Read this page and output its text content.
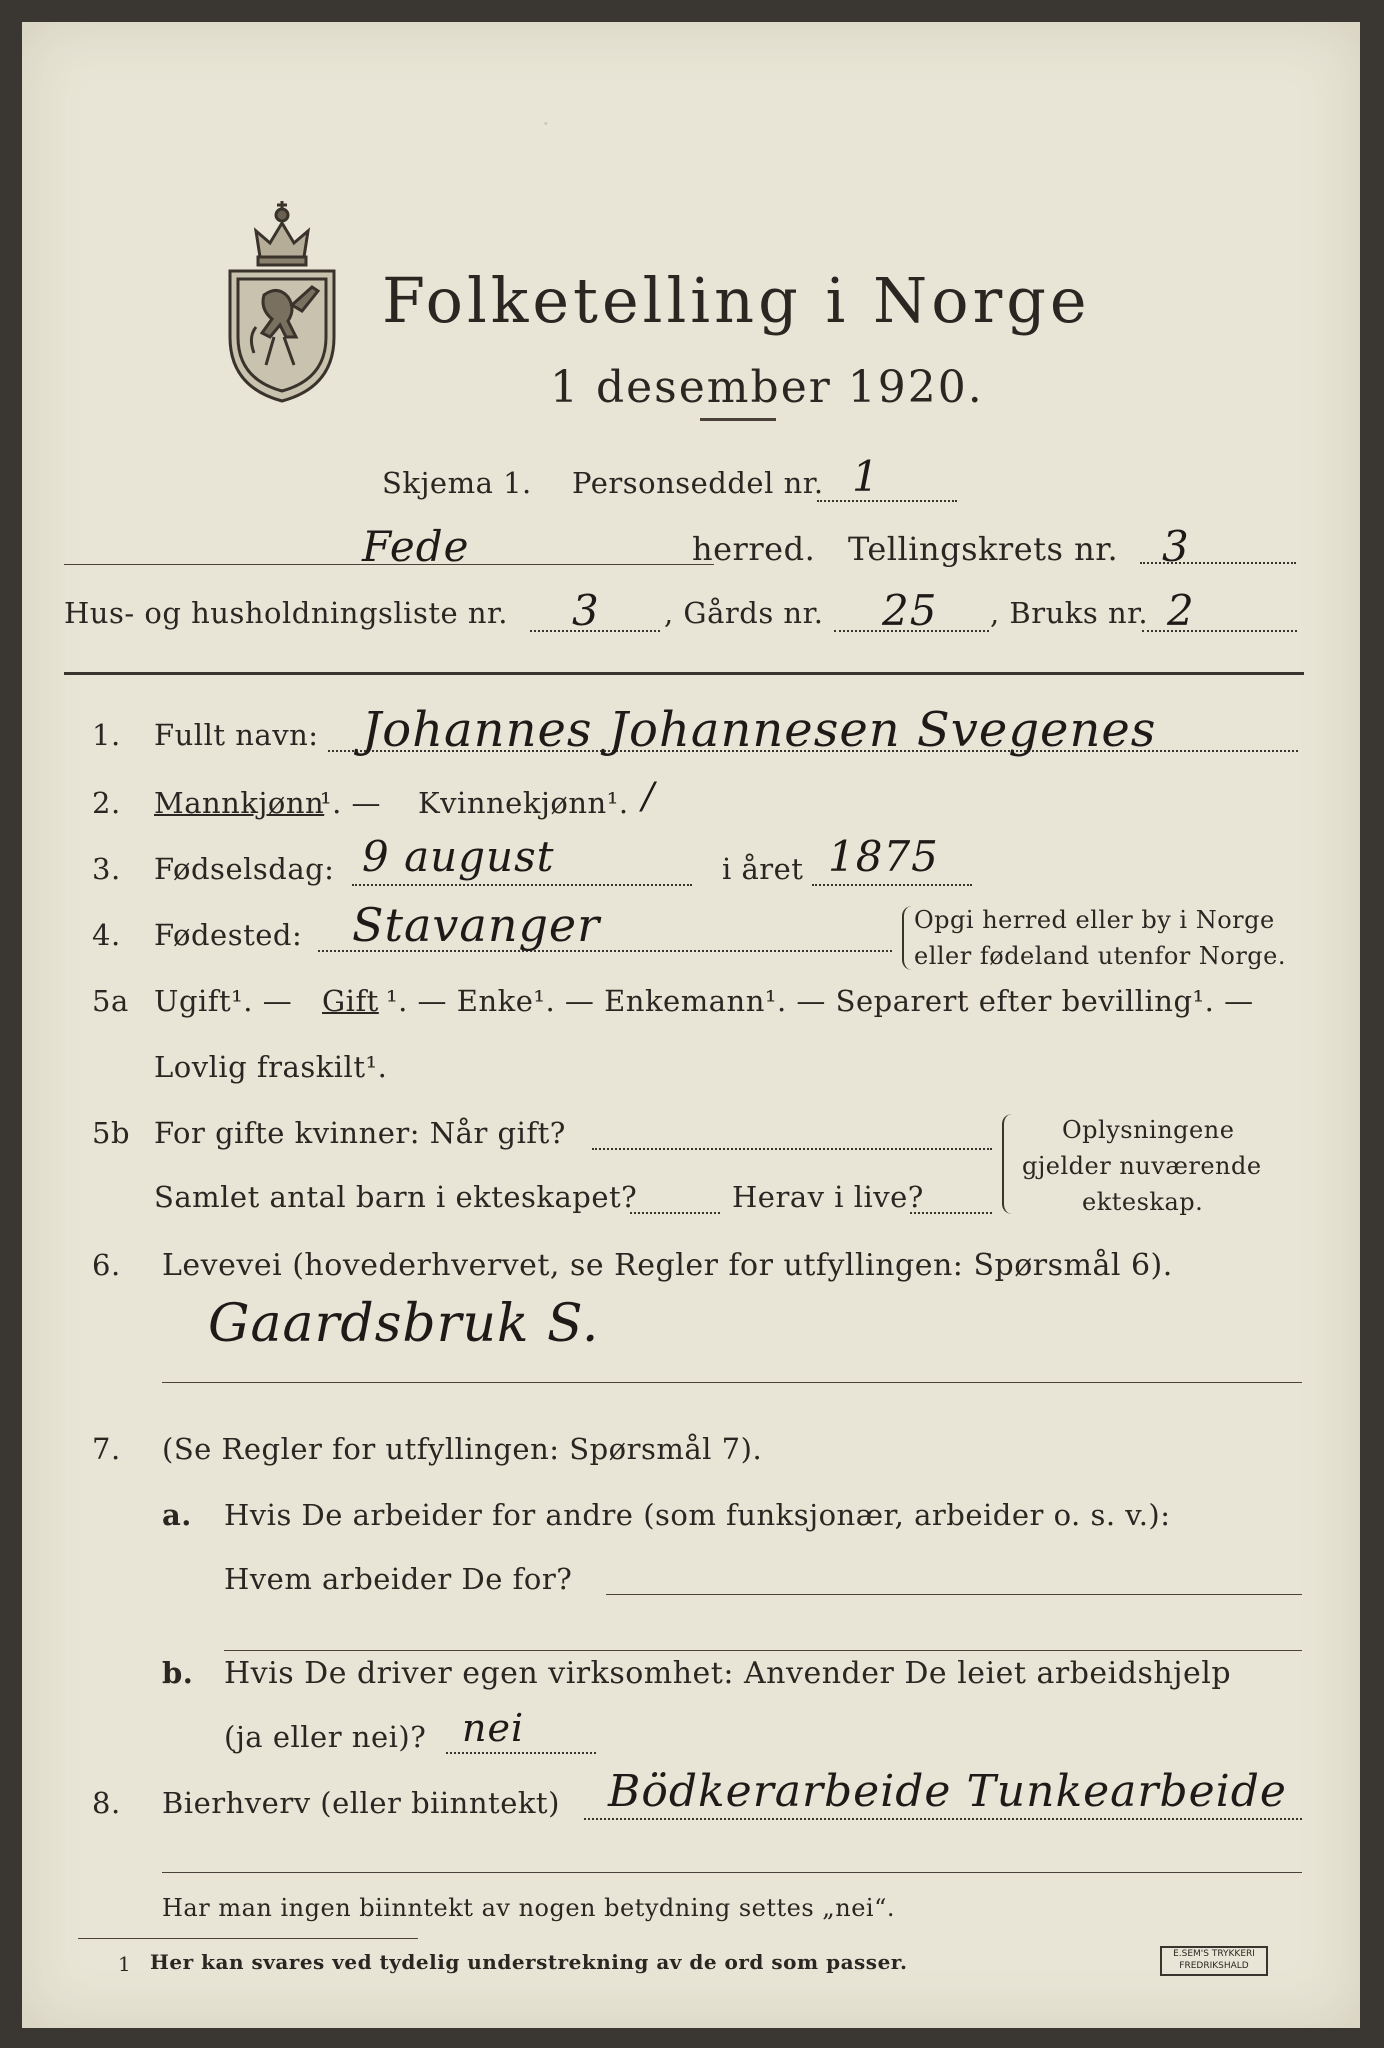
·
Folketelling i Norge
1 desember 1920.
Skjema 1. Personseddel nr. 1
Fede	herred. Tellingskrets nr. 3
Hus- og husholdningsliste nr. 3 , Gårds nr. 25 , Bruks nr. 2
1. Fullt navn: Johannes Johannesen Svegenes
2. Mannkjønn
¹. — Kvinnekjønn¹. /
3. Fødselsdag: 9 august	i året 1875
4. Fødested: Stavanger	Opgi herred eller by i Norge
eller fødeland utenfor Norge.
5a Ugift¹. — Gift ¹. — Enke¹. — Enkemann¹. — Separert efter bevilling¹. —
Lovlig fraskilt¹.
5b For gifte kvinner: Når gift?
Samlet antal barn i ekteskapet?	Herav i live?
Oplysningene
gjelder nuværende
ekteskap.
6. Levevei (hovederhvervet, se Regler for utfyllingen: Spørsmål 6).
Gaardsbruk S.
7. (Se Regler for utfyllingen: Spørsmål 7).
a. Hvis De arbeider for andre (som funksjonær, arbeider o. s. v.):
Hvem arbeider De for?
b. Hvis De driver egen virksomhet: Anvender De leiet arbeidshjelp
(ja eller nei)? nei
8. Bierhverv (eller biinntekt) Bödkerarbeide Tunkearbeide
Har man ingen biinntekt av nogen betydning settes „nei“.
1 Her kan svares ved tydelig understrekning av de ord som passer.	E.SEM'S TRYKKERI FREDRIKSHALD
